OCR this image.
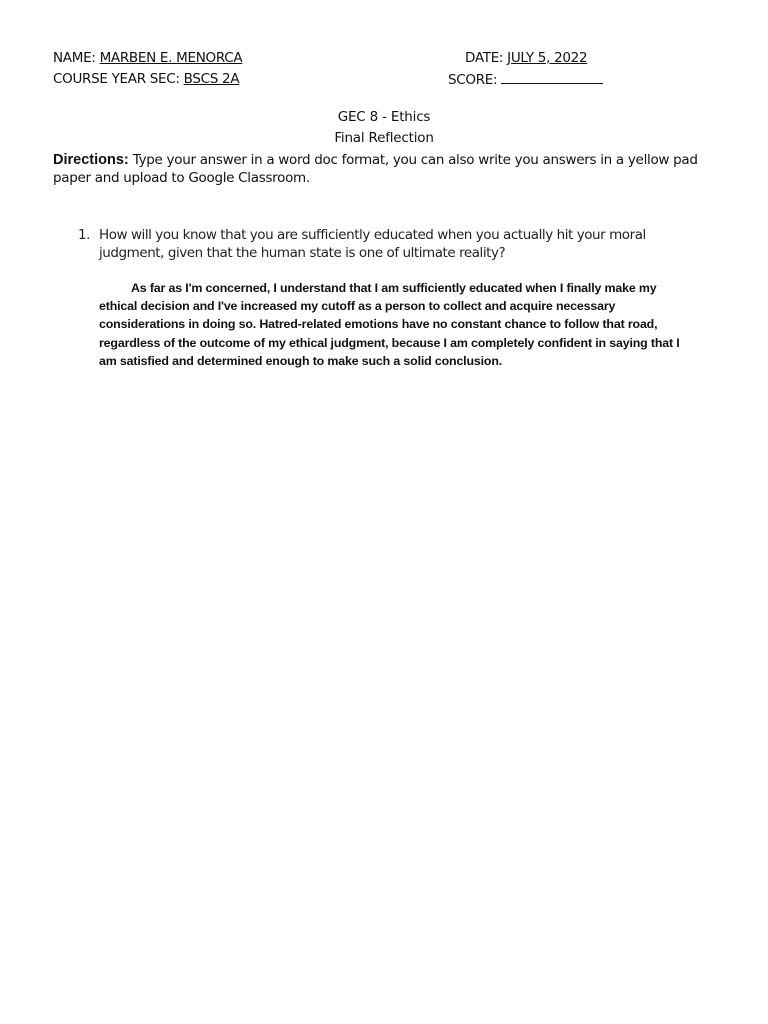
NAME: MARBEN E. MENORCA	DATE: JULY 5, 2022
COURSE YEAR SEC: BSCS 2A	SCORE:
GEC 8 - Ethics
Final Reflection
Directions: Type your answer in a word doc format, you can also write you answers in a yellow pad paper and upload to Google Classroom.
1. How will you know that you are sufficiently educated when you actually hit your moral judgment, given that the human state is one of ultimate reality?
As far as I'm concerned, I understand that I am sufficiently educated when I finally make my ethical decision and I've increased my cutoff as a person to collect and acquire necessary considerations in doing so. Hatred-related emotions have no constant chance to follow that road, regardless of the outcome of my ethical judgment, because I am completely confident in saying that I am satisfied and determined enough to make such a solid conclusion.
